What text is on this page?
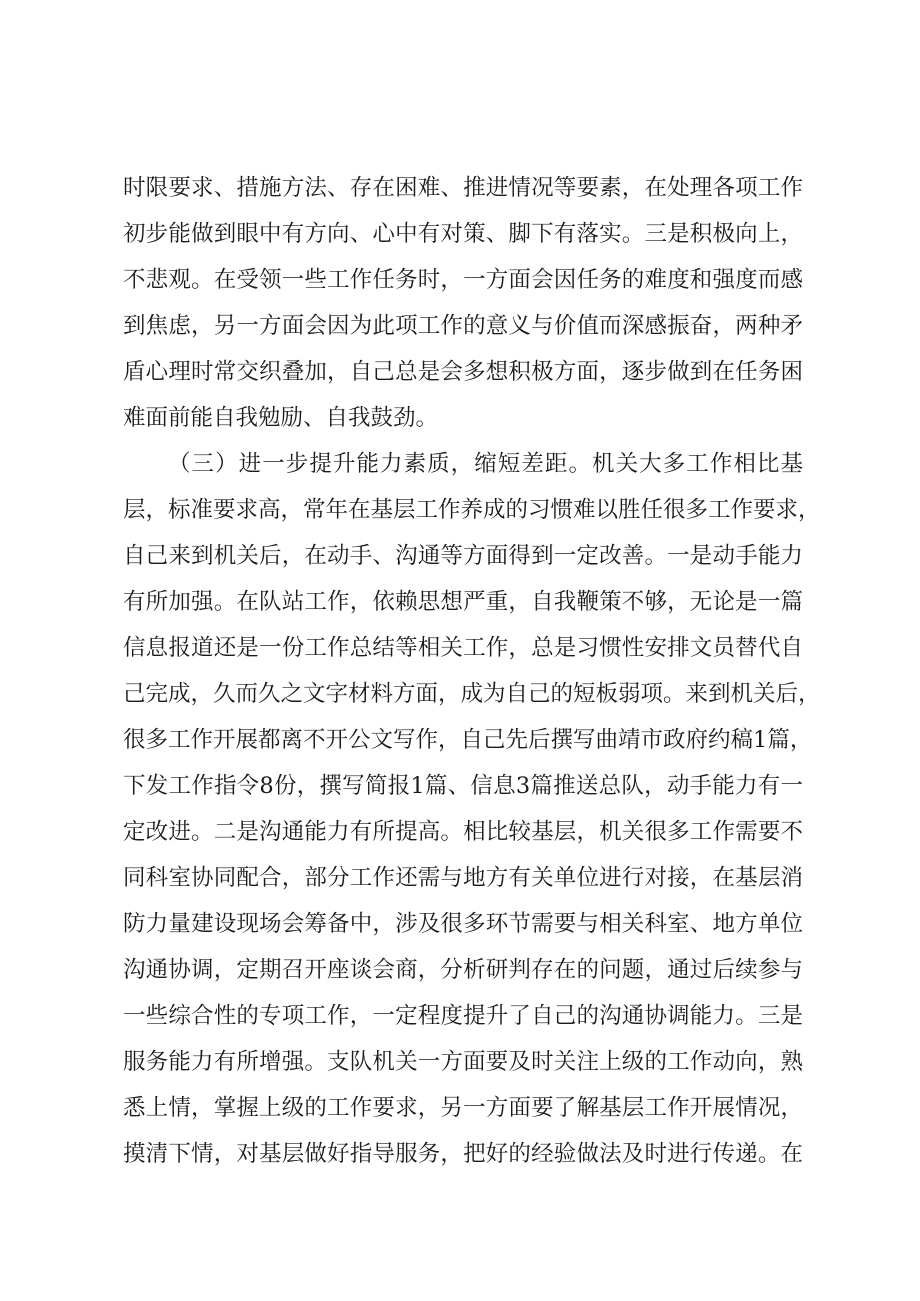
时限要求、措施方法、存在困难、推进情况等要素，在处理各项工作
初步能做到眼中有方向、心中有对策、脚下有落实。三是积极向上，
不悲观。在受领一些工作任务时，一方面会因任务的难度和强度而感
到焦虑，另一方面会因为此项工作的意义与价值而深感振奋，两种矛
盾心理时常交织叠加，自己总是会多想积极方面，逐步做到在任务困
难面前能自我勉励、自我鼓劲。
（三）进一步提升能力素质，缩短差距。机关大多工作相比基
层，标准要求高，常年在基层工作养成的习惯难以胜任很多工作要求，
自己来到机关后，在动手、沟通等方面得到一定改善。一是动手能力
有所加强。在队站工作，依赖思想严重，自我鞭策不够，无论是一篇
信息报道还是一份工作总结等相关工作，总是习惯性安排文员替代自
己完成，久而久之文字材料方面，成为自己的短板弱项。来到机关后，
很多工作开展都离不开公文写作，自己先后撰写曲靖市政府约稿1篇，
下发工作指令8份，撰写简报1篇、信息3篇推送总队，动手能力有一
定改进。二是沟通能力有所提高。相比较基层，机关很多工作需要不
同科室协同配合，部分工作还需与地方有关单位进行对接，在基层消
防力量建设现场会筹备中，涉及很多环节需要与相关科室、地方单位
沟通协调，定期召开座谈会商，分析研判存在的问题，通过后续参与
一些综合性的专项工作，一定程度提升了自己的沟通协调能力。三是
服务能力有所增强。支队机关一方面要及时关注上级的工作动向，熟
悉上情，掌握上级的工作要求，另一方面要了解基层工作开展情况，
摸清下情，对基层做好指导服务，把好的经验做法及时进行传递。在
